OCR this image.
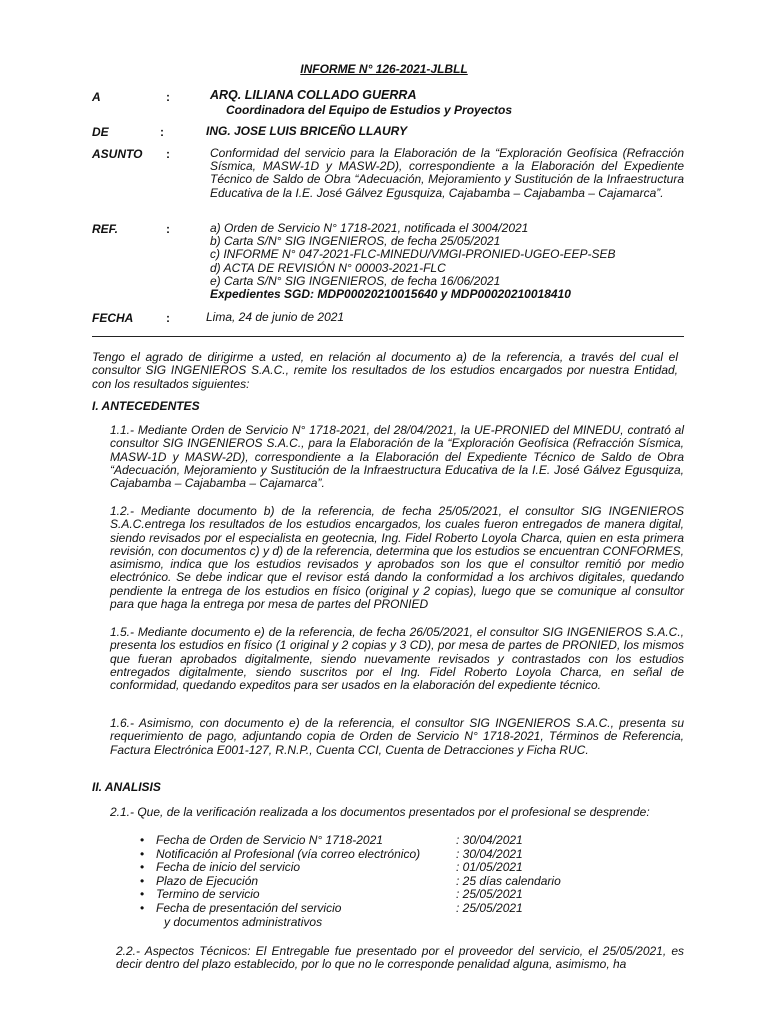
INFORME N° 126-2021-JLBLL
A	:	ARQ. LILIANA COLLADO GUERRA
Coordinadora del Equipo de Estudios y Proyectos
DE	:	ING. JOSE LUIS BRICEÑO LLAURY
ASUNTO :	Conformidad del servicio para la Elaboración de la “Exploración Geofísica (Refracción Sísmica, MASW-1D y MASW-2D), correspondiente a la Elaboración del Expediente Técnico de Saldo de Obra “Adecuación, Mejoramiento y Sustitución de la Infraestructura Educativa de la I.E. José Gálvez Egusquiza, Cajabamba – Cajabamba – Cajamarca”.
REF.	:	a) Orden de Servicio N° 1718-2021, notificada el 3004/2021
b) Carta S/N° SIG INGENIEROS, de fecha 25/05/2021
c) INFORME N° 047-2021-FLC-MINEDU/VMGI-PRONIED-UGEO-EEP-SEB
d) ACTA DE REVISIÓN N° 00003-2021-FLC
e) Carta S/N° SIG INGENIEROS, de fecha 16/06/2021
Expedientes SGD: MDP00020210015640 y MDP00020210018410
FECHA	:	Lima, 24 de junio de 2021
Tengo el agrado de dirigirme a usted, en relación al documento a) de la referencia, a través del cual el consultor SIG INGENIEROS S.A.C., remite los resultados de los estudios encargados por nuestra Entidad, con los resultados siguientes:
I. ANTECEDENTES
1.1.- Mediante Orden de Servicio N° 1718-2021, del 28/04/2021, la UE-PRONIED del MINEDU, contrató al consultor SIG INGENIEROS S.A.C., para la Elaboración de la “Exploración Geofísica (Refracción Sísmica, MASW-1D y MASW-2D), correspondiente a la Elaboración del Expediente Técnico de Saldo de Obra “Adecuación, Mejoramiento y Sustitución de la Infraestructura Educativa de la I.E. José Gálvez Egusquiza, Cajabamba – Cajabamba – Cajamarca”.
1.2.- Mediante documento b) de la referencia, de fecha 25/05/2021, el consultor SIG INGENIEROS S.A.C.entrega los resultados de los estudios encargados, los cuales fueron entregados de manera digital, siendo revisados por el especialista en geotecnia, Ing. Fidel Roberto Loyola Charca, quien en esta primera revisión, con documentos c) y d) de la referencia, determina que los estudios se encuentran CONFORMES, asimismo, indica que los estudios revisados y aprobados son los que el consultor remitió por medio electrónico. Se debe indicar que el revisor está dando la conformidad a los archivos digitales, quedando pendiente la entrega de los estudios en físico (original y 2 copias), luego que se comunique al consultor para que haga la entrega por mesa de partes del PRONIED
1.5.- Mediante documento e) de la referencia, de fecha 26/05/2021, el consultor SIG INGENIEROS S.A.C., presenta los estudios en físico (1 original y 2 copias y 3 CD), por mesa de partes de PRONIED, los mismos que fueran aprobados digitalmente, siendo nuevamente revisados y contrastados con los estudios entregados digitalmente, siendo suscritos por el Ing. Fidel Roberto Loyola Charca, en señal de conformidad, quedando expeditos para ser usados en la elaboración del expediente técnico.
1.6.- Asimismo, con documento e) de la referencia, el consultor SIG INGENIEROS S.A.C., presenta su requerimiento de pago, adjuntando copia de Orden de Servicio N° 1718-2021, Términos de Referencia, Factura Electrónica E001-127, R.N.P., Cuenta CCI, Cuenta de Detracciones y Ficha RUC.
II. ANALISIS
2.1.- Que, de la verificación realizada a los documentos presentados por el profesional se desprende:
• Fecha de Orden de Servicio N° 1718-2021	: 30/04/2021
• Notificación al Profesional (vía correo electrónico)	: 30/04/2021
• Fecha de inicio del servicio	: 01/05/2021
• Plazo de Ejecución	: 25 días calendario
• Termino de servicio	: 25/05/2021
• Fecha de presentación del servicio	: 25/05/2021
y documentos administrativos
2.2.- Aspectos Técnicos: El Entregable fue presentado por el proveedor del servicio, el 25/05/2021, es decir dentro del plazo establecido, por lo que no le corresponde penalidad alguna, asimismo, ha
